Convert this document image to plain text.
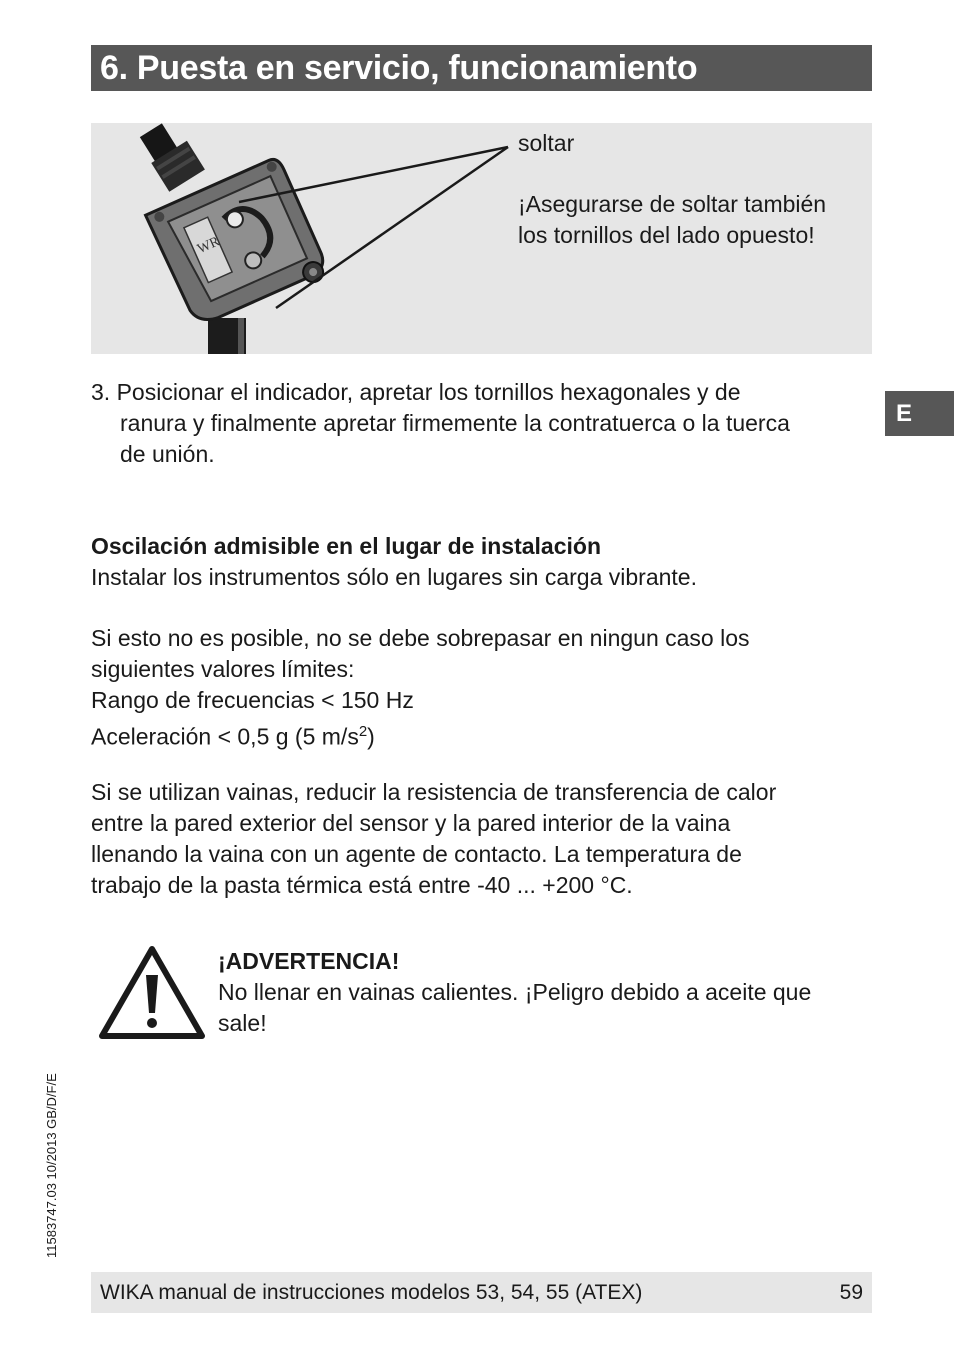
6. Puesta en servicio, funcionamiento
WR
soltar
¡Asegurarse de soltar también
los tornillos del lado opuesto!
3. Posicionar el indicador, apretar los tornillos hexagonales y de
ranura y finalmente apretar firmemente la contratuerca o la tuerca
de unión.
E
Oscilación admisible en el lugar de instalación
Instalar los instrumentos sólo en lugares sin carga vibrante.
Si esto no es posible, no se debe sobrepasar en ningun caso los
siguientes valores límites:
Rango de frecuencias < 150 Hz
Aceleración < 0,5 g (5 $m/s^2$)
Si se utilizan vainas, reducir la resistencia de transferencia de calor
entre la pared exterior del sensor y la pared interior de la vaina
llenando la vaina con un agente de contacto. La temperatura de
trabajo de la pasta térmica está entre -40 ... +200 °C.
¡ADVERTENCIA!
No llenar en vainas calientes. ¡Peligro debido a aceite que
sale!
11583747.03 10/2013 GB/D/F/E
WIKA manual de instrucciones modelos 53, 54, 55 (ATEX)	59
